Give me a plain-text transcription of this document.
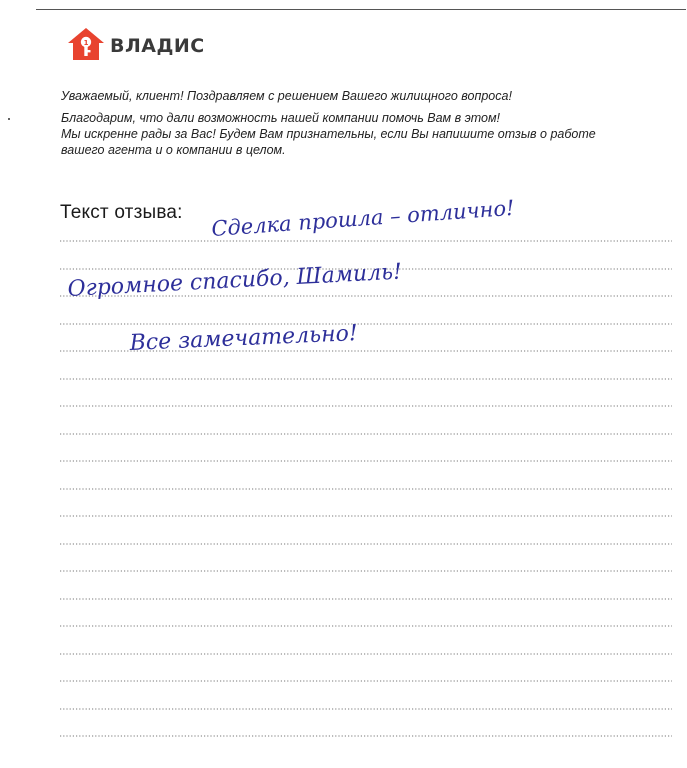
1 ВЛАДИС

Уважаемый, клиент! Поздравляем с решением Вашего жилищного вопроса!

Благодарим, что дали возможность нашей компании помочь Вам в этом!
Мы искренне рады за Вас! Будем Вам признательны, если Вы напишите отзыв о работе
вашего агента и о компании в целом.
Текст отзыва: Сделка прошла – отлично!
Огромное спасибо, Шамиль!
Все замечательно!
